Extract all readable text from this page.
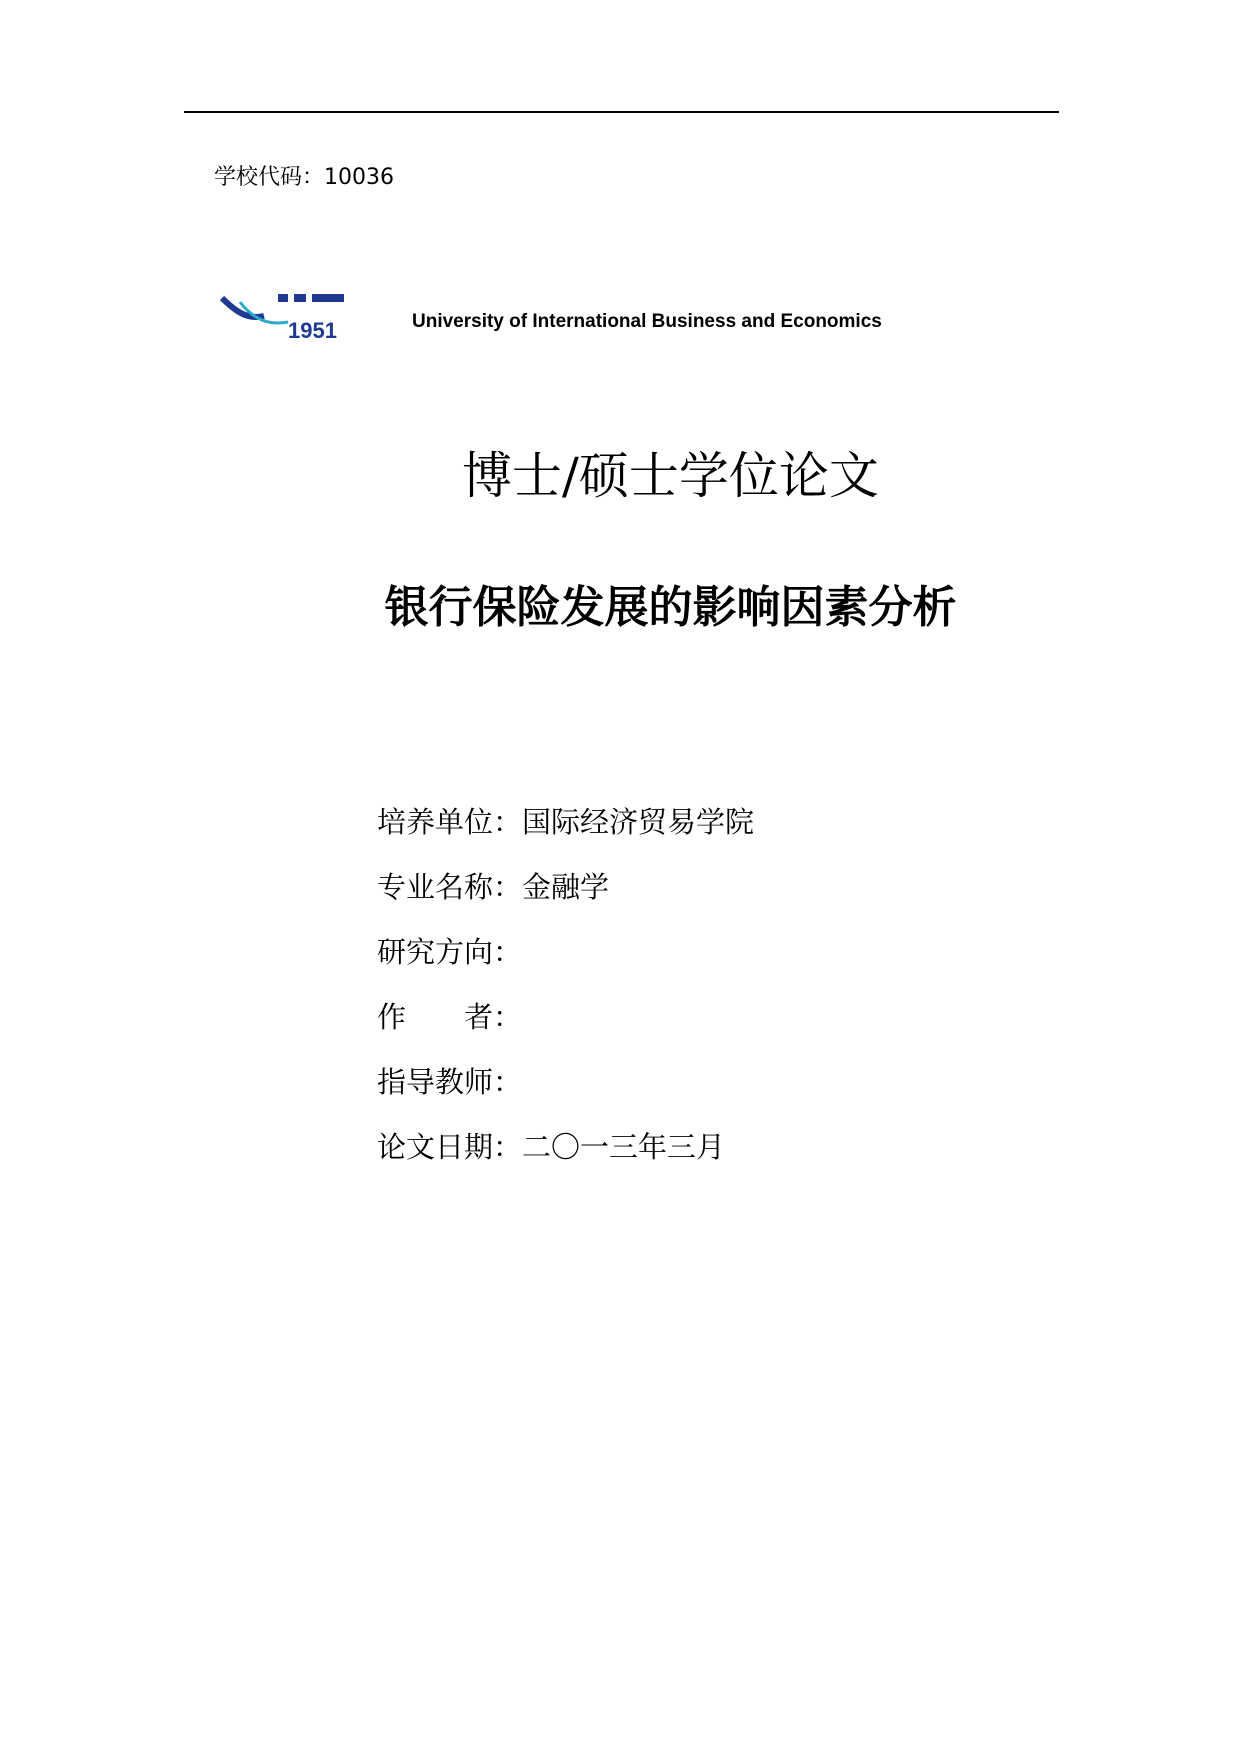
学校代码：10036
1951	University of International Business and Economics
博士/硕士学位论文
银行保险发展的影响因素分析
培养单位：国际经济贸易学院
专业名称：金融学
研究方向：
作　　者：
指导教师：
论文日期：二〇一三年三月
